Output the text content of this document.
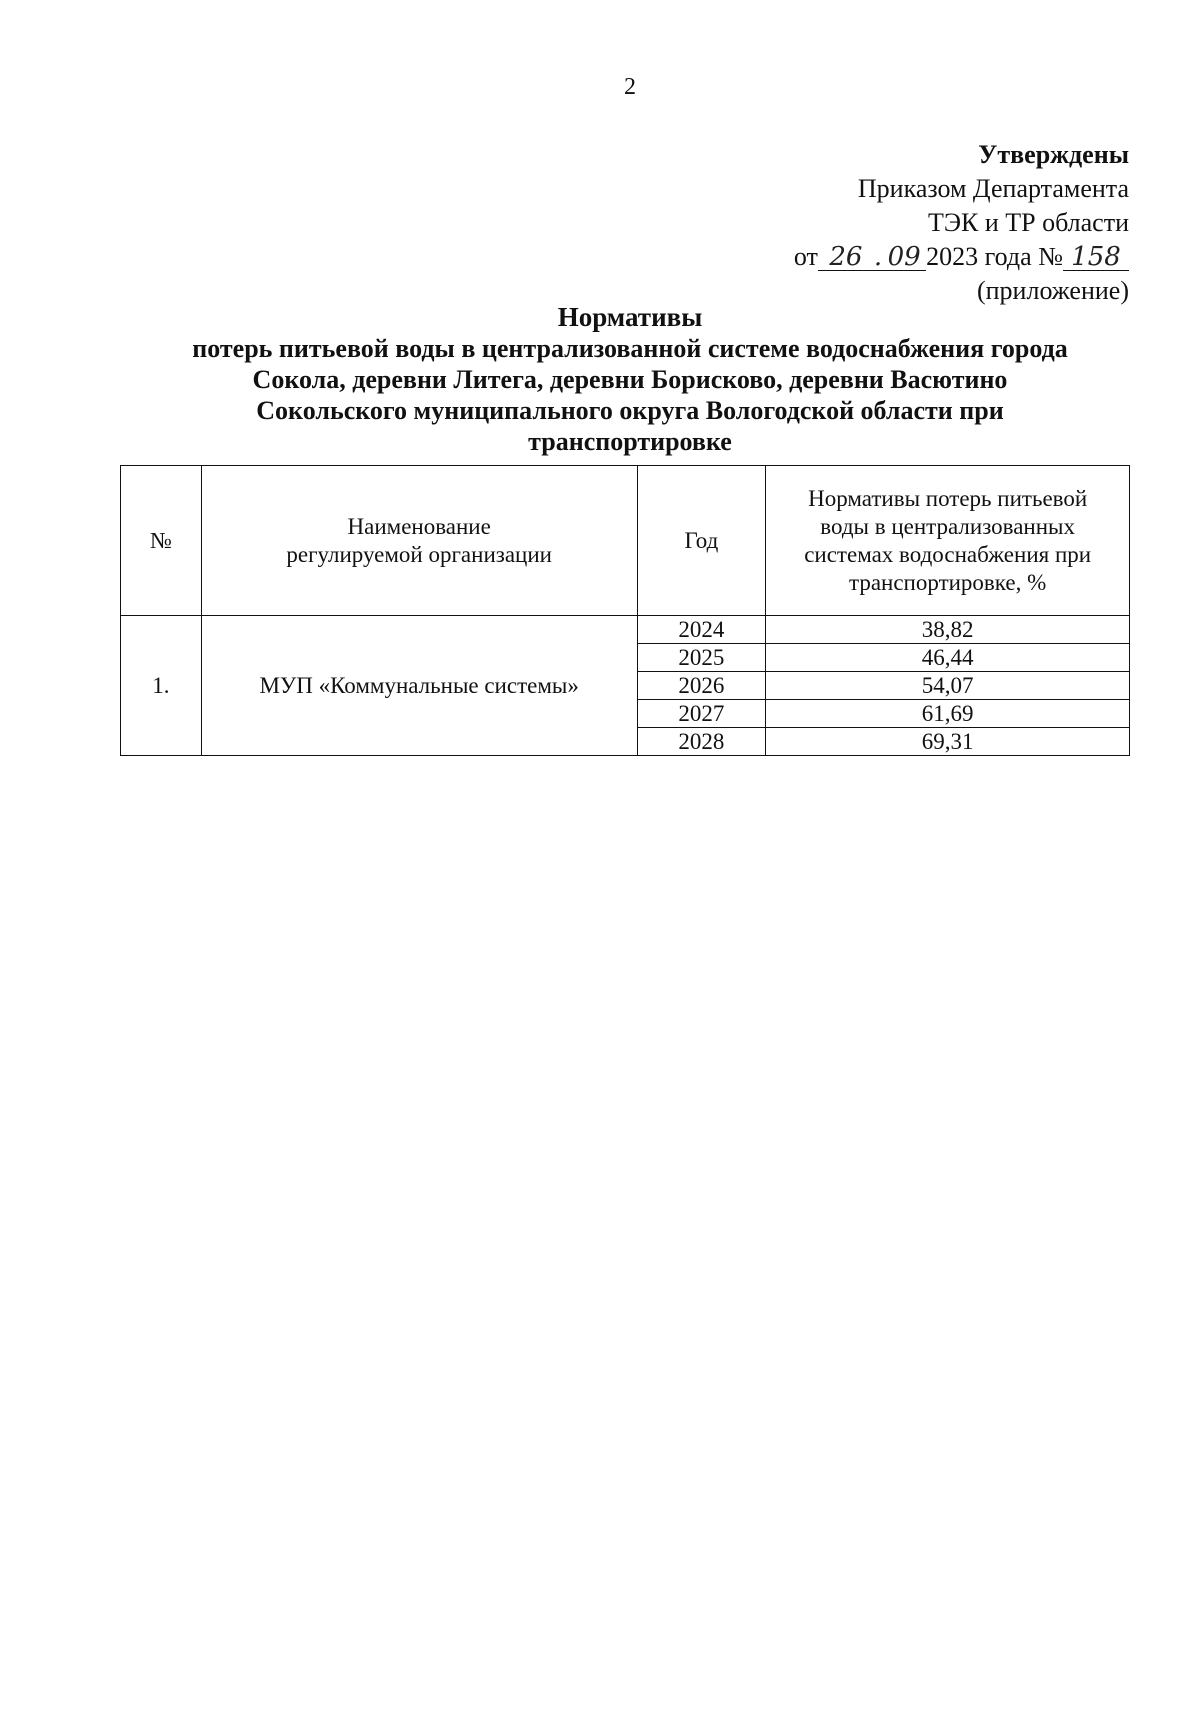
2
Утверждены
Приказом Департамента
ТЭК и ТР области
от 26 . 09 2023 года № 158
(приложение)
Нормативы
потерь питьевой воды в централизованной системе водоснабжения города
Сокола, деревни Литега, деревни Борисково, деревни Васютино
Сокольского муниципального округа Вологодской области при
транспортировке
№	Наименование регулируемой организации	Год	Нормативы потерь питьевой воды в централизованных системах водоснабжения при транспортировке, %

1.	МУП «Коммунальные системы»	2024	38,82
		2025	46,44
		2026	54,07
		2027	61,69
		2028	69,31
